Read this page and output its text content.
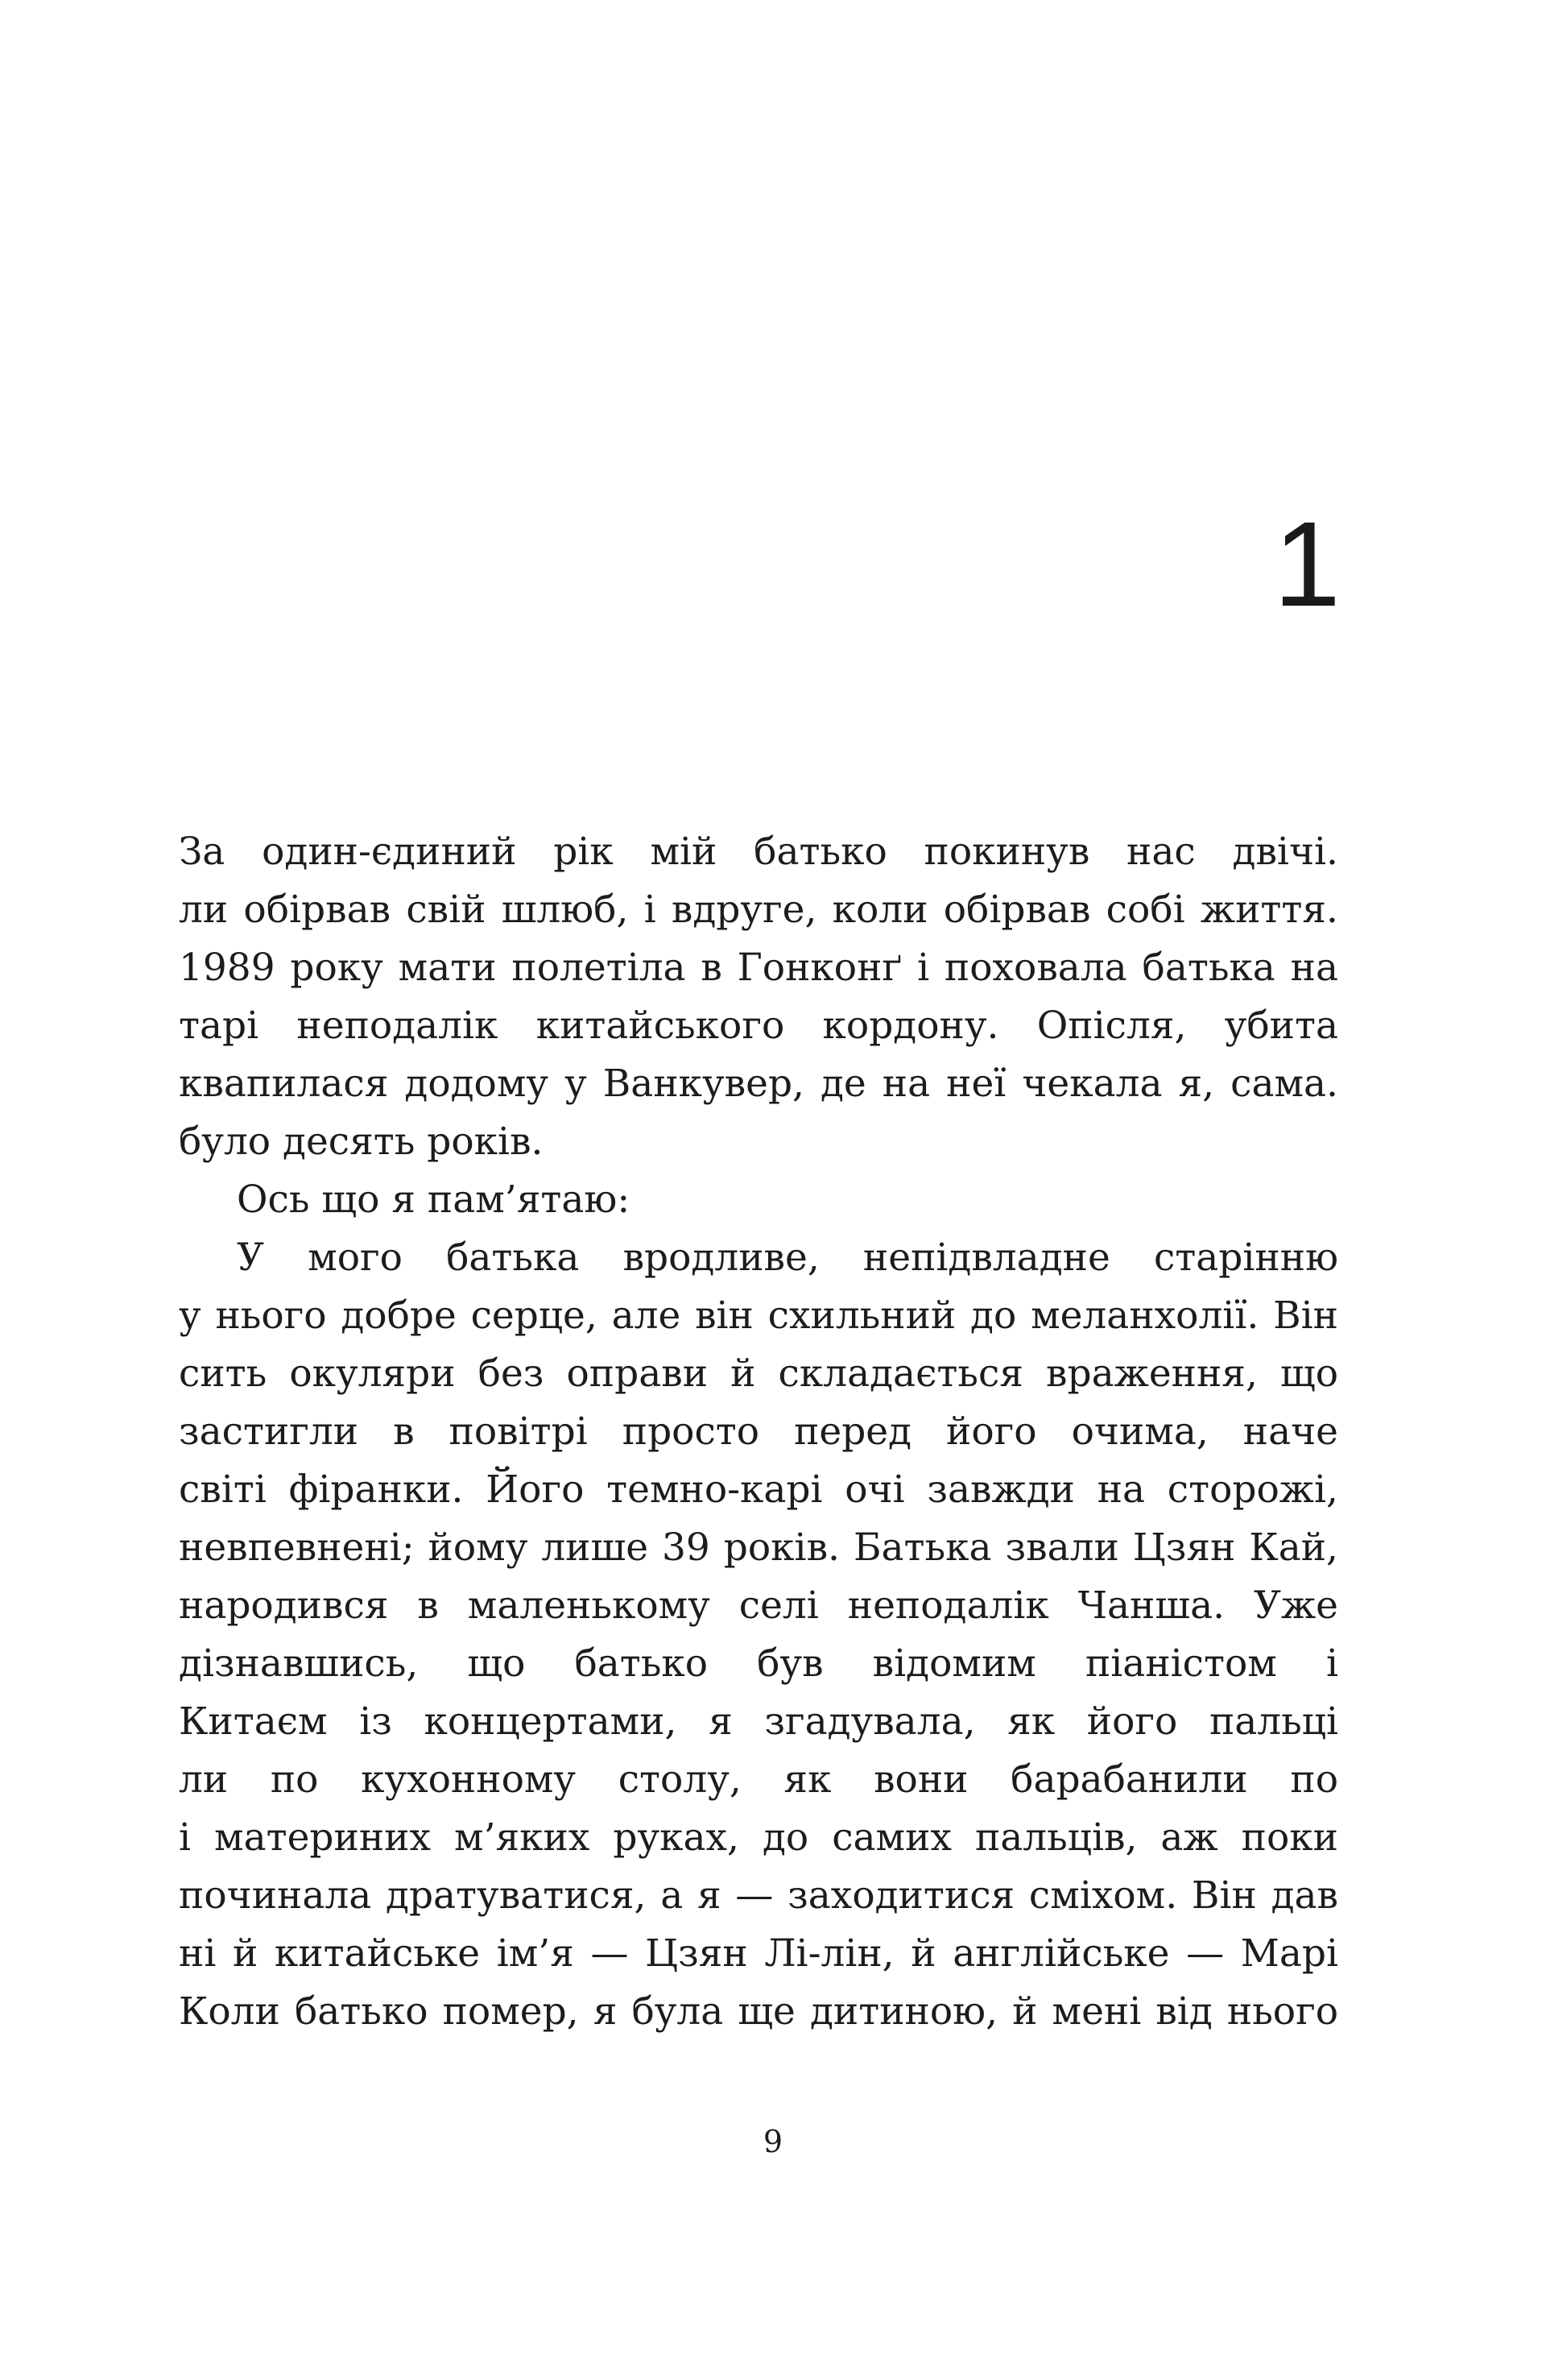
1
За один-єдиний рік мій батько покинув нас двічі.
ли обірвав свій шлюб, і вдруге, коли обірвав собі життя.
1989 року мати полетіла в Гонконґ і поховала батька на
тарі неподалік китайського кордону. Опісля, убита
квапилася додому у Ванкувер, де на неї чекала я, сама.
було десять років.
Ось що я пам’ятаю:
У мого батька вродливе, непідвладне старінню
у нього добре серце, але він схильний до меланхолії. Він
сить окуляри без оправи й складається враження, що
застигли в повітрі просто перед його очима, наче
світі фіранки. Його темно-карі очі завжди на сторожі,
невпевнені; йому лише 39 років. Батька звали Цзян Кай,
народився в маленькому селі неподалік Чанша. Уже
дізнавшись, що батько був відомим піаністом і
Китаєм із концертами, я згадувала, як його пальці
ли по кухонному столу, як вони барабанили по
і материних м’яких руках, до самих пальців, аж поки
починала дратуватися, а я — заходитися сміхом. Він дав
ні й китайське ім’я — Цзян Лі-лін, й англійське — Марі
Коли батько помер, я була ще дитиною, й мені від нього
9
